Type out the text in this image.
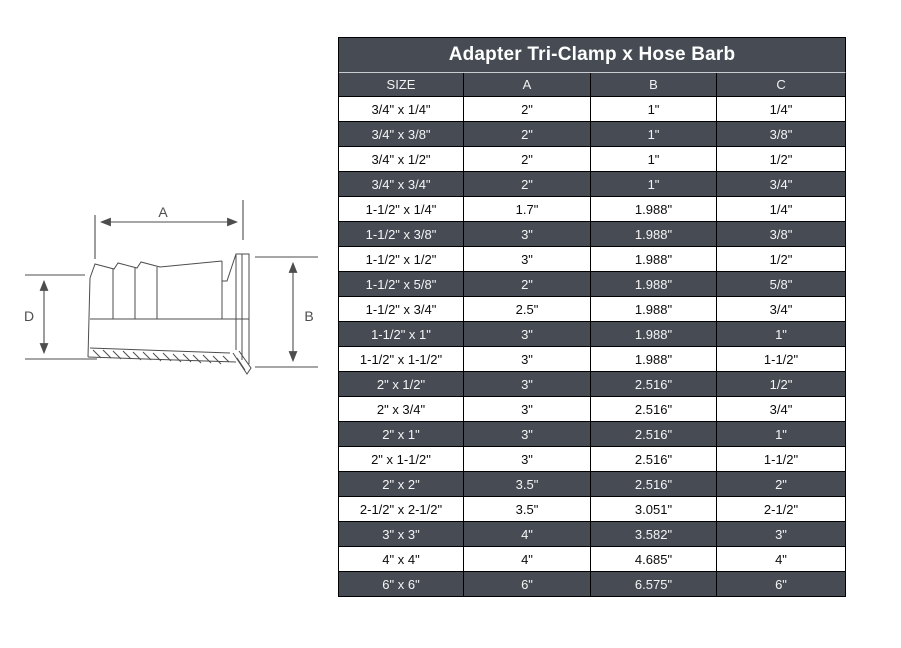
A
D	B
Adapter Tri-Clamp x Hose Barb			
SIZE	A	B	C
3/4" x 1/4"	2"	1"	1/4"
3/4" x 3/8"	2"	1"	3/8"
3/4" x 1/2"	2"	1"	1/2"
3/4" x 3/4"	2"	1"	3/4"
1-1/2" x 1/4"	1.7"	1.988"	1/4"
1-1/2" x 3/8"	3"	1.988"	3/8"
1-1/2" x 1/2"	3"	1.988"	1/2"
1-1/2" x 5/8"	2"	1.988"	5/8"
1-1/2" x 3/4"	2.5"	1.988"	3/4"
1-1/2" x 1"	3"	1.988"	1"
1-1/2" x 1-1/2"	3"	1.988"	1-1/2"
2" x 1/2"	3"	2.516"	1/2"
2" x 3/4"	3"	2.516"	3/4"
2" x 1"	3"	2.516"	1"
2" x 1-1/2"	3"	2.516"	1-1/2"
2" x 2"	3.5"	2.516"	2"
2-1/2" x 2-1/2"	3.5"	3.051"	2-1/2"
3" x 3"	4"	3.582"	3"
4" x 4"	4"	4.685"	4"
6" x 6"	6"	6.575"	6"
